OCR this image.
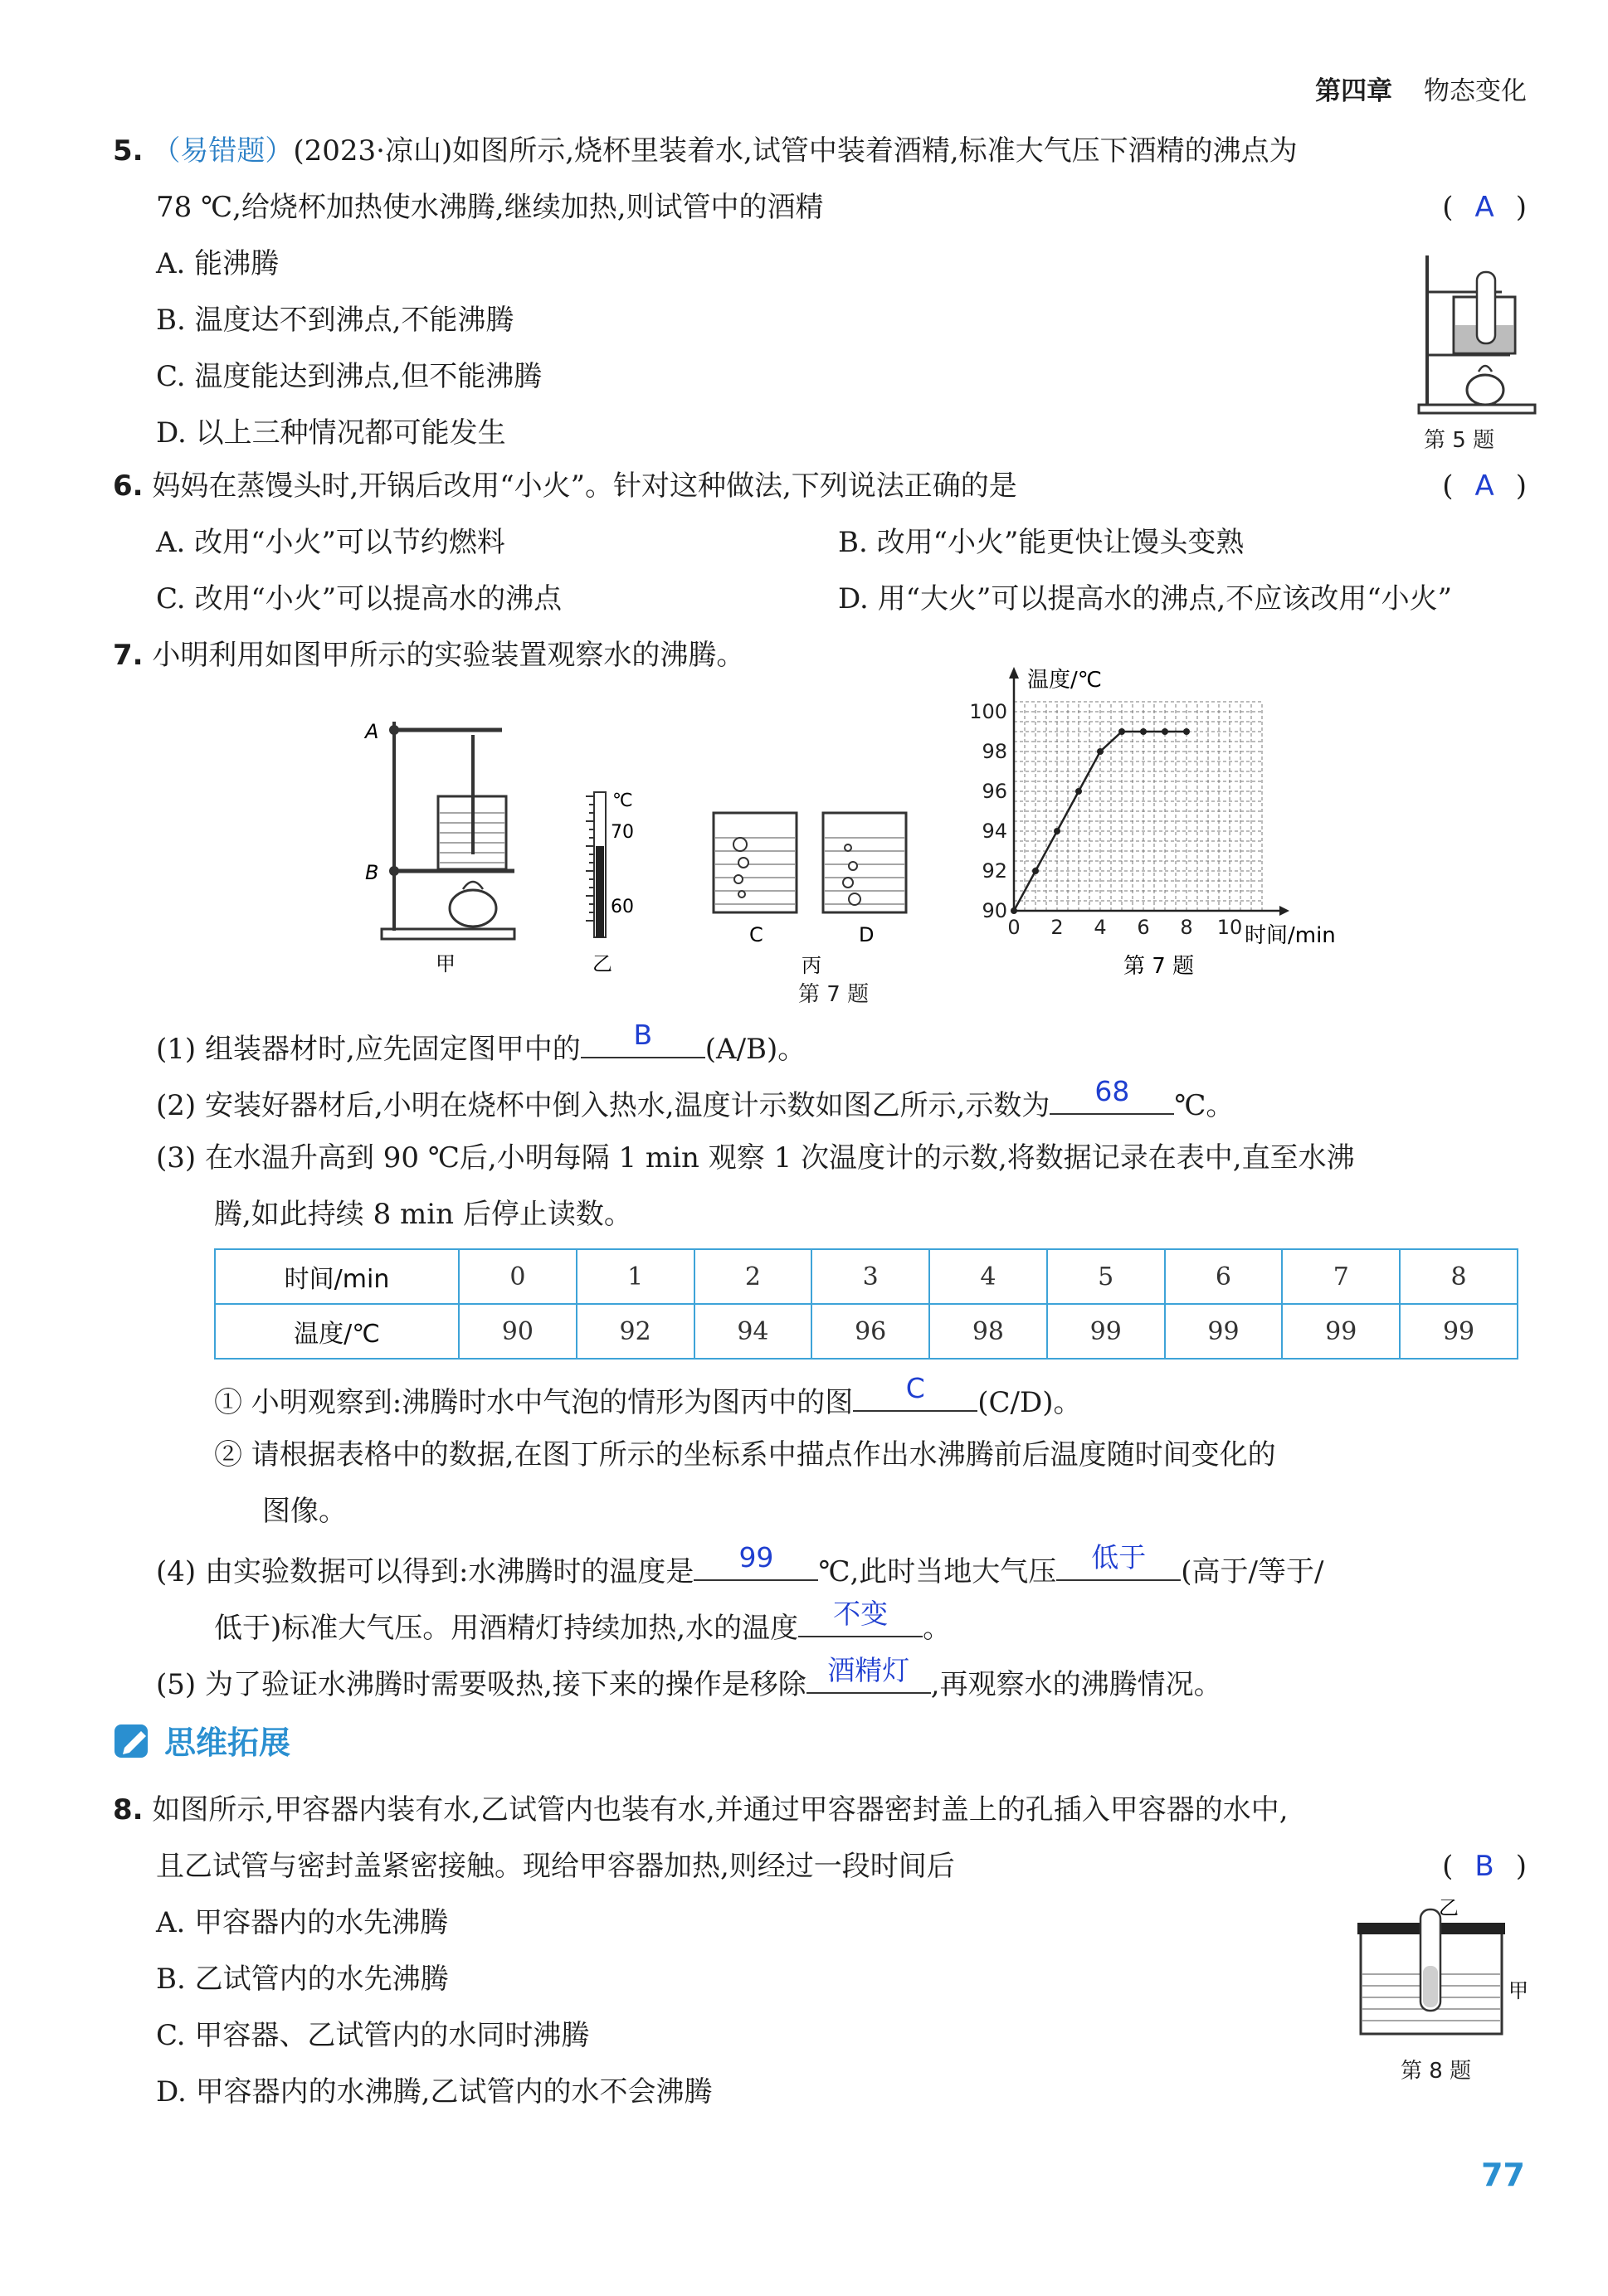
第四章 物态变化
5. （易错题）(2023·凉山)如图所示,烧杯里装着水,试管中装着酒精,标准大气压下酒精的沸点为
78 ℃,给烧杯加热使水沸腾,继续加热,则试管中的酒精	( A )
A. 能沸腾
B. 温度达不到沸点,不能沸腾
C. 温度能达到沸点,但不能沸腾
D. 以上三种情况都可能发生	第 5 题
6. 妈妈在蒸馒头时,开锅后改用“小火”。针对这种做法,下列说法正确的是	( A )
A. 改用“小火”可以节约燃料	B. 改用“小火”能更快让馒头变熟
C. 改用“小火”可以提高水的沸点	D. 用“大火”可以提高水的沸点,不应该改用“小火”
7. 小明利用如图甲所示的实验装置观察水的沸腾。
A
B
甲
℃
70
60
乙
C	D
丙
第 7 题
0 2 4 6 8 10
90
92
94
96
98
100
温度/℃
时间/min
第 7 题
(1) 组装器材时,应先固定图甲中的	B	(A/B)。
(2) 安装好器材后,小明在烧杯中倒入热水,温度计示数如图乙所示,示数为	68	℃。
(3) 在水温升高到 90 ℃后,小明每隔 1 min 观察 1 次温度计的示数,将数据记录在表中,直至水沸
腾,如此持续 8 min 后停止读数。
时间/min	0	1	2	3	4	5	6	7	8
温度/℃	90	92	94	96	98	99	99	99	99
① 小明观察到:沸腾时水中气泡的情形为图丙中的图	C	(C/D)。
② 请根据表格中的数据,在图丁所示的坐标系中描点作出水沸腾前后温度随时间变化的
图像。
(4) 由实验数据可以得到:水沸腾时的温度是	99	℃,此时当地大气压	低于	(高于/等于/
低于)标准大气压。用酒精灯持续加热,水的温度	不变	。
(5) 为了验证水沸腾时需要吸热,接下来的操作是移除 酒精灯 ,再观察水的沸腾情况。
思维拓展
8. 如图所示,甲容器内装有水,乙试管内也装有水,并通过甲容器密封盖上的孔插入甲容器的水中,
且乙试管与密封盖紧密接触。现给甲容器加热,则经过一段时间后	( B )
A. 甲容器内的水先沸腾
B. 乙试管内的水先沸腾
C. 甲容器、乙试管内的水同时沸腾
D. 甲容器内的水沸腾,乙试管内的水不会沸腾
乙
甲
第 8 题
77
